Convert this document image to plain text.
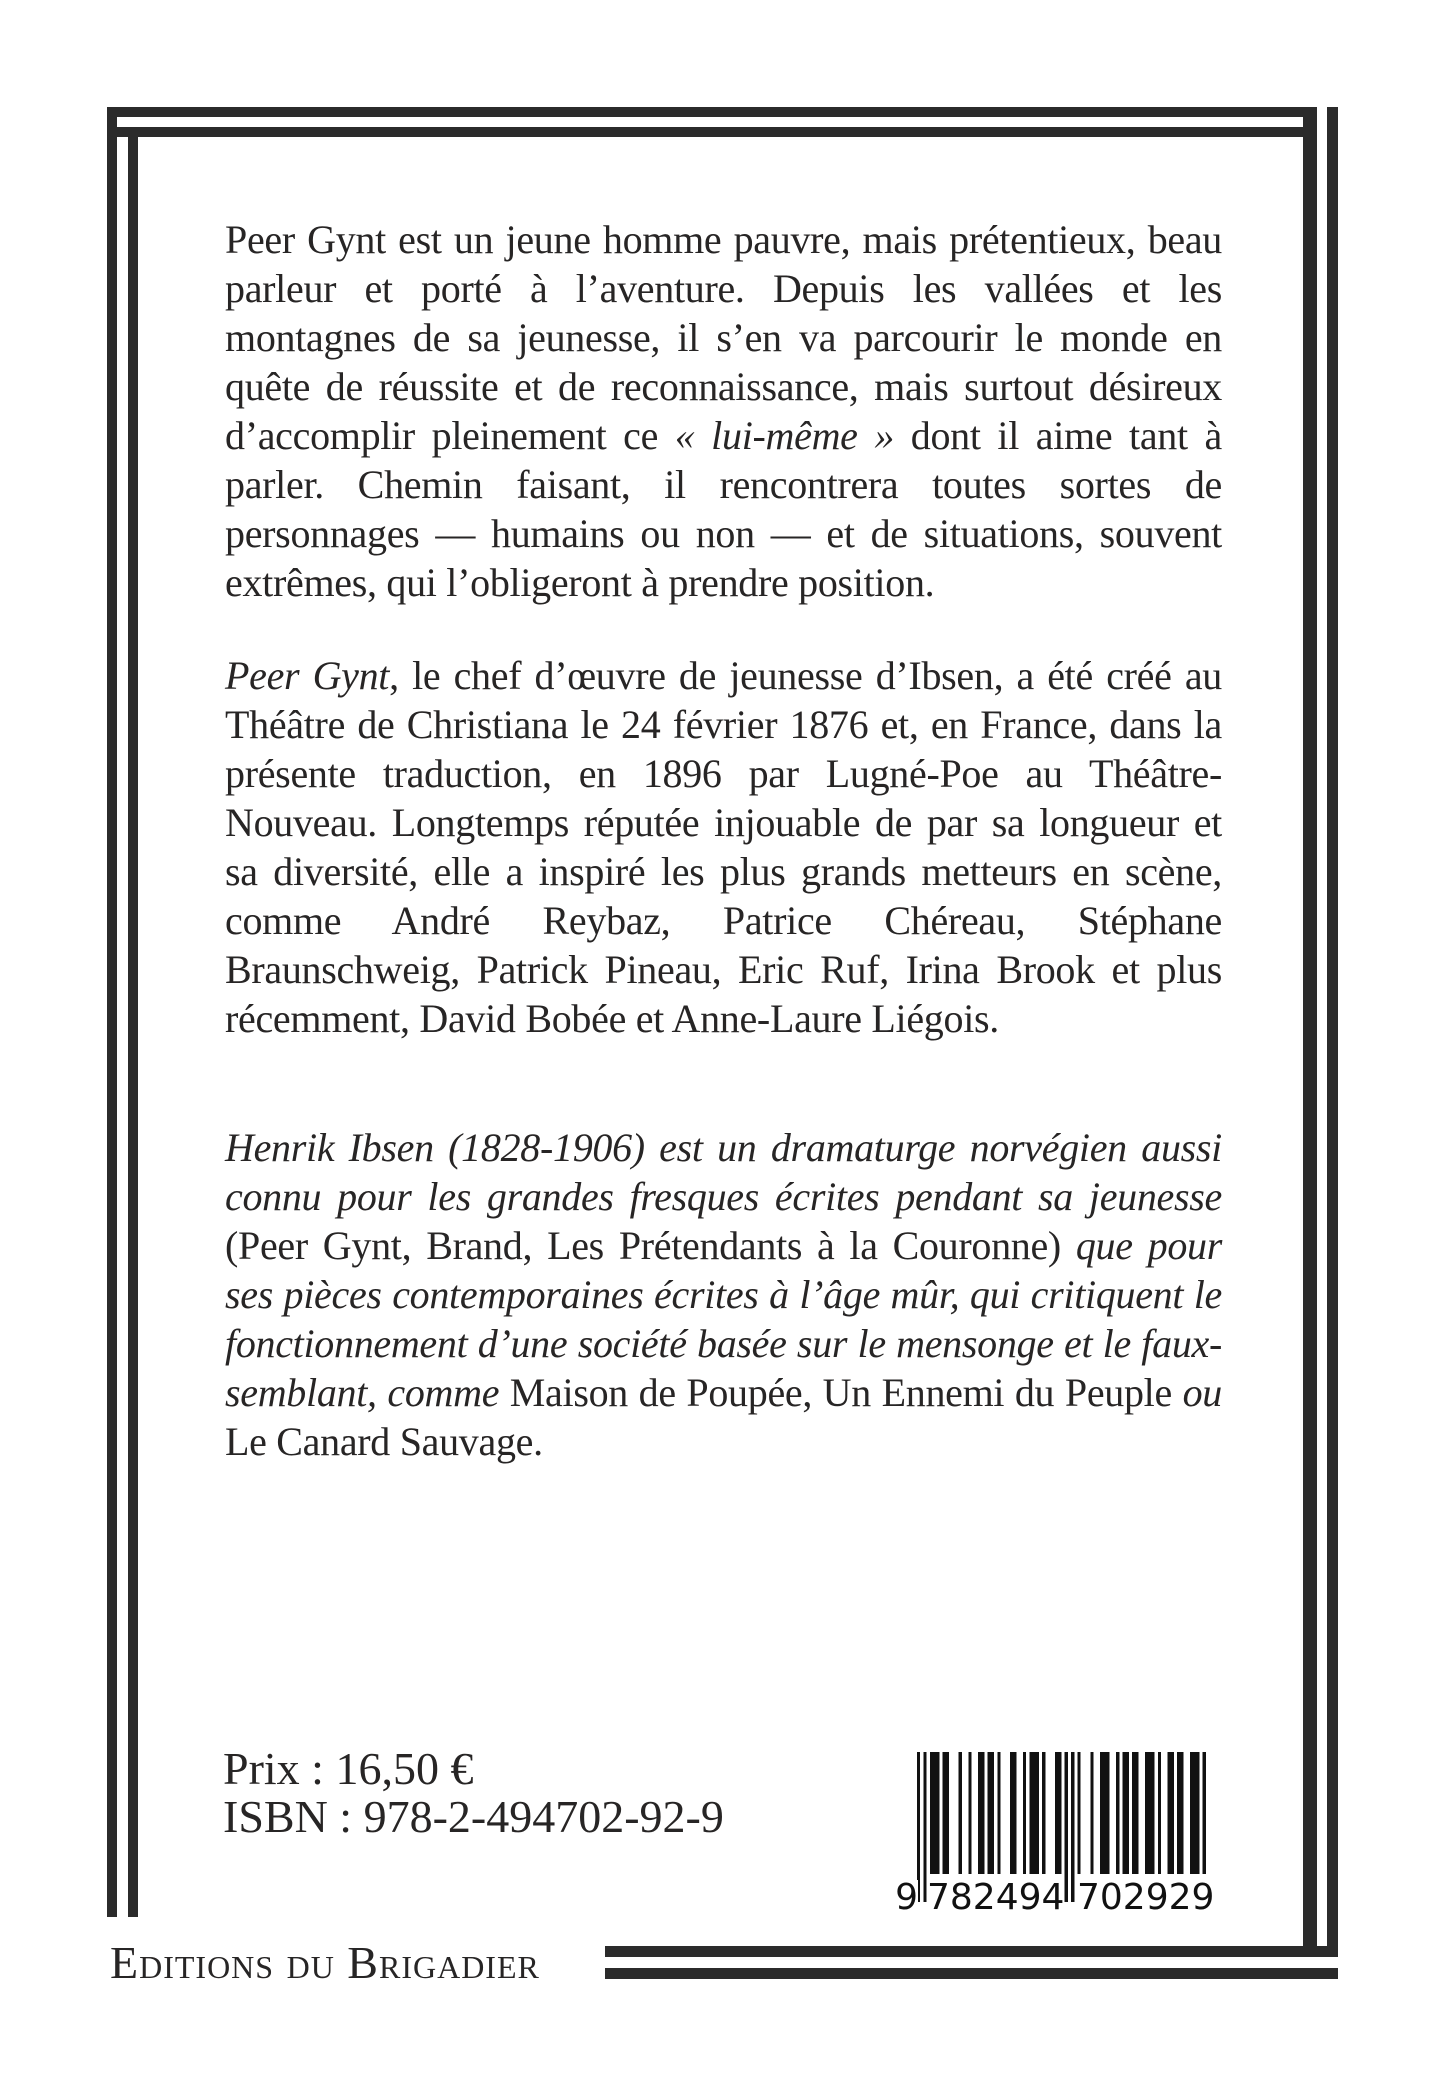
Peer Gynt est un jeune homme pauvre, mais prétentieux, beau parleur et porté à l’aventure. Depuis les vallées et les montagnes de sa jeunesse, il s’en va parcourir le monde en quête de réussite et de reconnaissance, mais surtout désireux d’accomplir pleinement ce « lui-même » dont il aime tant à parler. Chemin faisant, il rencontrera toutes sortes de personnages — humains ou non — et de situations, souvent extrêmes, qui l’obligeront à prendre position.

Peer Gynt, le chef d’œuvre de jeunesse d’Ibsen, a été créé au Théâtre de Christiana le 24 février 1876 et, en France, dans la présente traduction, en 1896 par Lugné-Poe au Théâtre-Nouveau. Longtemps réputée injouable de par sa longueur et sa diversité, elle a inspiré les plus grands metteurs en scène, comme André Reybaz, Patrice Chéreau, Stéphane Braunschweig, Patrick Pineau, Eric Ruf, Irina Brook et plus récemment, David Bobée et Anne-Laure Liégois.

Henrik Ibsen (1828-1906) est un dramaturge norvégien aussi connu pour les grandes fresques écrites pendant sa jeunesse (Peer Gynt, Brand, Les Prétendants à la Couronne) que pour ses pièces contemporaines écrites à l’âge mûr, qui critiquent le fonctionnement d’une société basée sur le mensonge et le faux-semblant, comme Maison de Poupée, Un Ennemi du Peuple ou Le Canard Sauvage.

Prix : 16,50 €
ISBN : 978-2-494702-92-9
9 782494 702929
Editions du Brigadier
